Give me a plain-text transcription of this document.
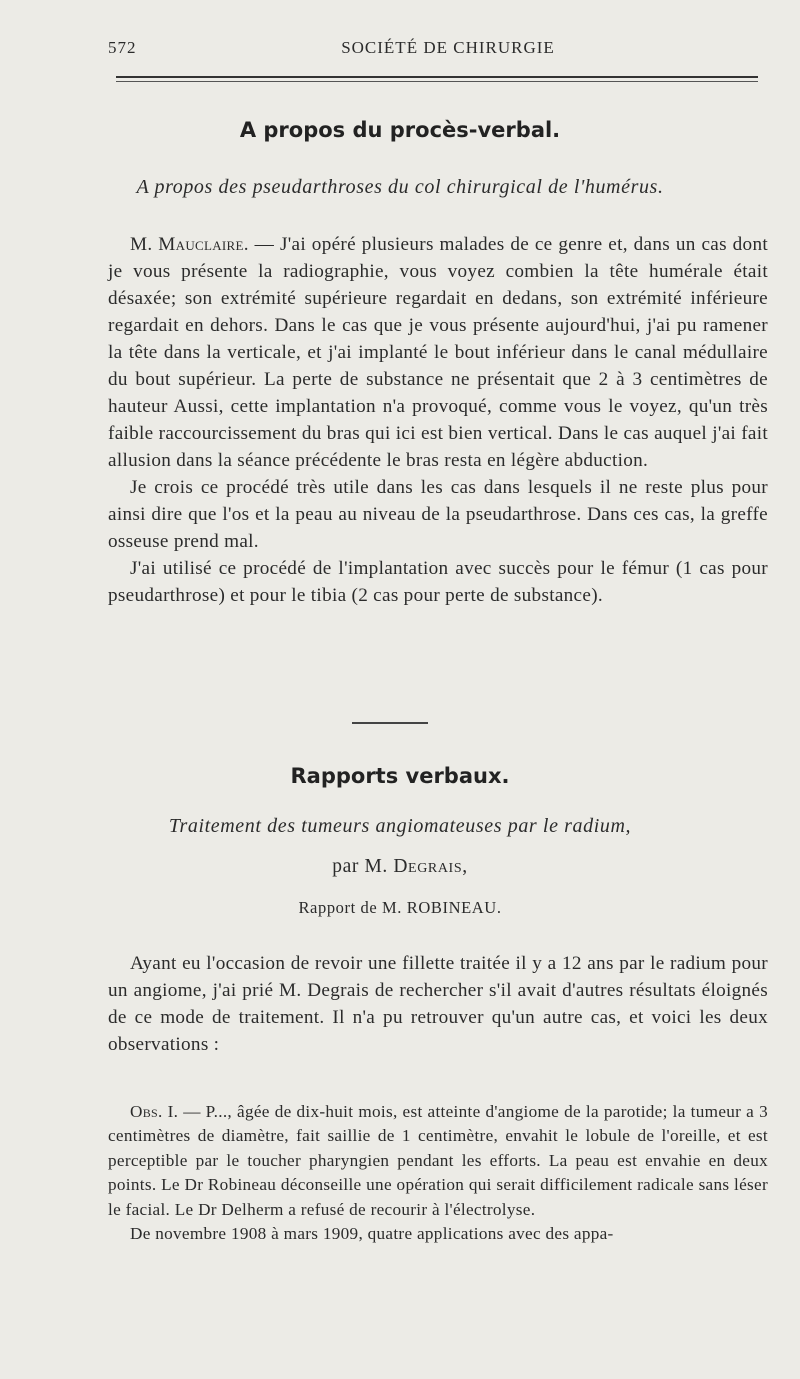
572	SOCIÉTÉ DE CHIRURGIE
A propos du procès-verbal.
A propos des pseudarthroses du col chirurgical de l'humérus.

M. Mauclaire. — J'ai opéré plusieurs malades de ce genre et, dans un cas dont je vous présente la radiographie, vous voyez combien la tête humérale était désaxée; son extrémité supérieure regardait en dedans, son extrémité inférieure regardait en dehors. Dans le cas que je vous présente aujourd'hui, j'ai pu ramener la tête dans la verticale, et j'ai implanté le bout inférieur dans le canal médullaire du bout supérieur. La perte de substance ne présentait que 2 à 3 centimètres de hauteur Aussi, cette implantation n'a provoqué, comme vous le voyez, qu'un très faible raccourcissement du bras qui ici est bien vertical. Dans le cas auquel j'ai fait allusion dans la séance précédente le bras resta en légère abduction.

Je crois ce procédé très utile dans les cas dans lesquels il ne reste plus pour ainsi dire que l'os et la peau au niveau de la pseudarthrose. Dans ces cas, la greffe osseuse prend mal.

J'ai utilisé ce procédé de l'implantation avec succès pour le fémur (1 cas pour pseudarthrose) et pour le tibia (2 cas pour perte de substance).

Rapports verbaux.
Traitement des tumeurs angiomateuses par le radium,
par M. Degrais,
Rapport de M. ROBINEAU.

Ayant eu l'occasion de revoir une fillette traitée il y a 12 ans par le radium pour un angiome, j'ai prié M. Degrais de rechercher s'il avait d'autres résultats éloignés de ce mode de traitement. Il n'a pu retrouver qu'un autre cas, et voici les deux observations :

Obs. I. — P..., âgée de dix-huit mois, est atteinte d'angiome de la parotide; la tumeur a 3 centimètres de diamètre, fait saillie de 1 centimètre, envahit le lobule de l'oreille, et est perceptible par le toucher pharyngien pendant les efforts. La peau est envahie en deux points. Le Dr Robineau déconseille une opération qui serait difficilement radicale sans léser le facial. Le Dr Delherm a refusé de recourir à l'électrolyse.

De novembre 1908 à mars 1909, quatre applications avec des appa-
